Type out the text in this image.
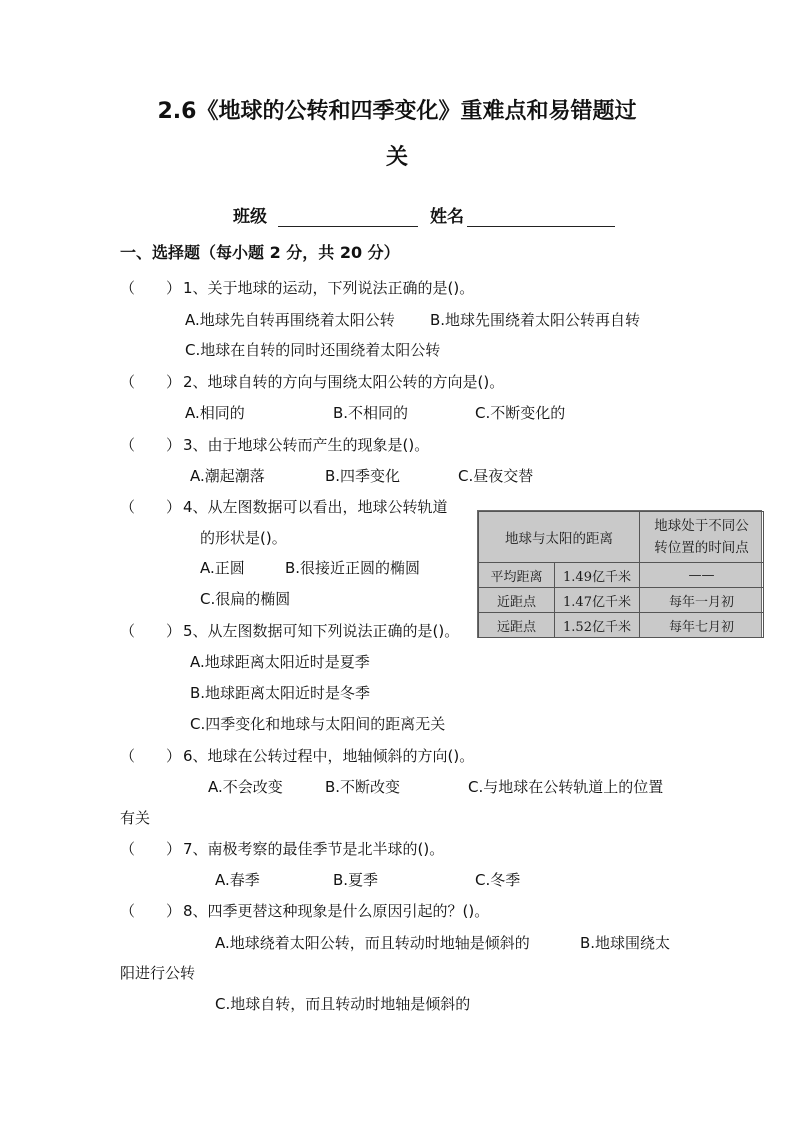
2.6《地球的公转和四季变化》重难点和易错题过
关
班级	姓名
一、选择题（每小题 2 分，共 20 分）
（ ） 1、关于地球的运动，下列说法正确的是()。
A.地球先自转再围绕着太阳公转 B.地球先围绕着太阳公转再自转
C.地球在自转的同时还围绕着太阳公转
（ ） 2、地球自转的方向与围绕太阳公转的方向是()。
A.相同的	B.不相同的	C.不断变化的
（ ） 3、由于地球公转而产生的现象是()。
A.潮起潮落	B.四季变化	C.昼夜交替
（ ） 4、从左图数据可以看出，地球公转轨道
的形状是()。
A.正圆	B.很接近正圆的椭圆
C.很扁的椭圆
地球与太阳的距离		地球处于不同公转位置的时间点
平均距离	1.49亿千米	——
近距点	1.47亿千米	每年一月初
远距点	1.52亿千米	每年七月初
（ ） 5、从左图数据可知下列说法正确的是()。
A.地球距离太阳近时是夏季
B.地球距离太阳近时是冬季
C.四季变化和地球与太阳间的距离无关
（ ） 6、地球在公转过程中，地轴倾斜的方向()。
A.不会改变	B.不断改变	C.与地球在公转轨道上的位置
有关
（ ） 7、南极考察的最佳季节是北半球的()。
A.春季	B.夏季	C.冬季
（ ） 8、四季更替这种现象是什么原因引起的？()。
A.地球绕着太阳公转，而且转动时地轴是倾斜的	B.地球围绕太
阳进行公转
C.地球自转，而且转动时地轴是倾斜的
